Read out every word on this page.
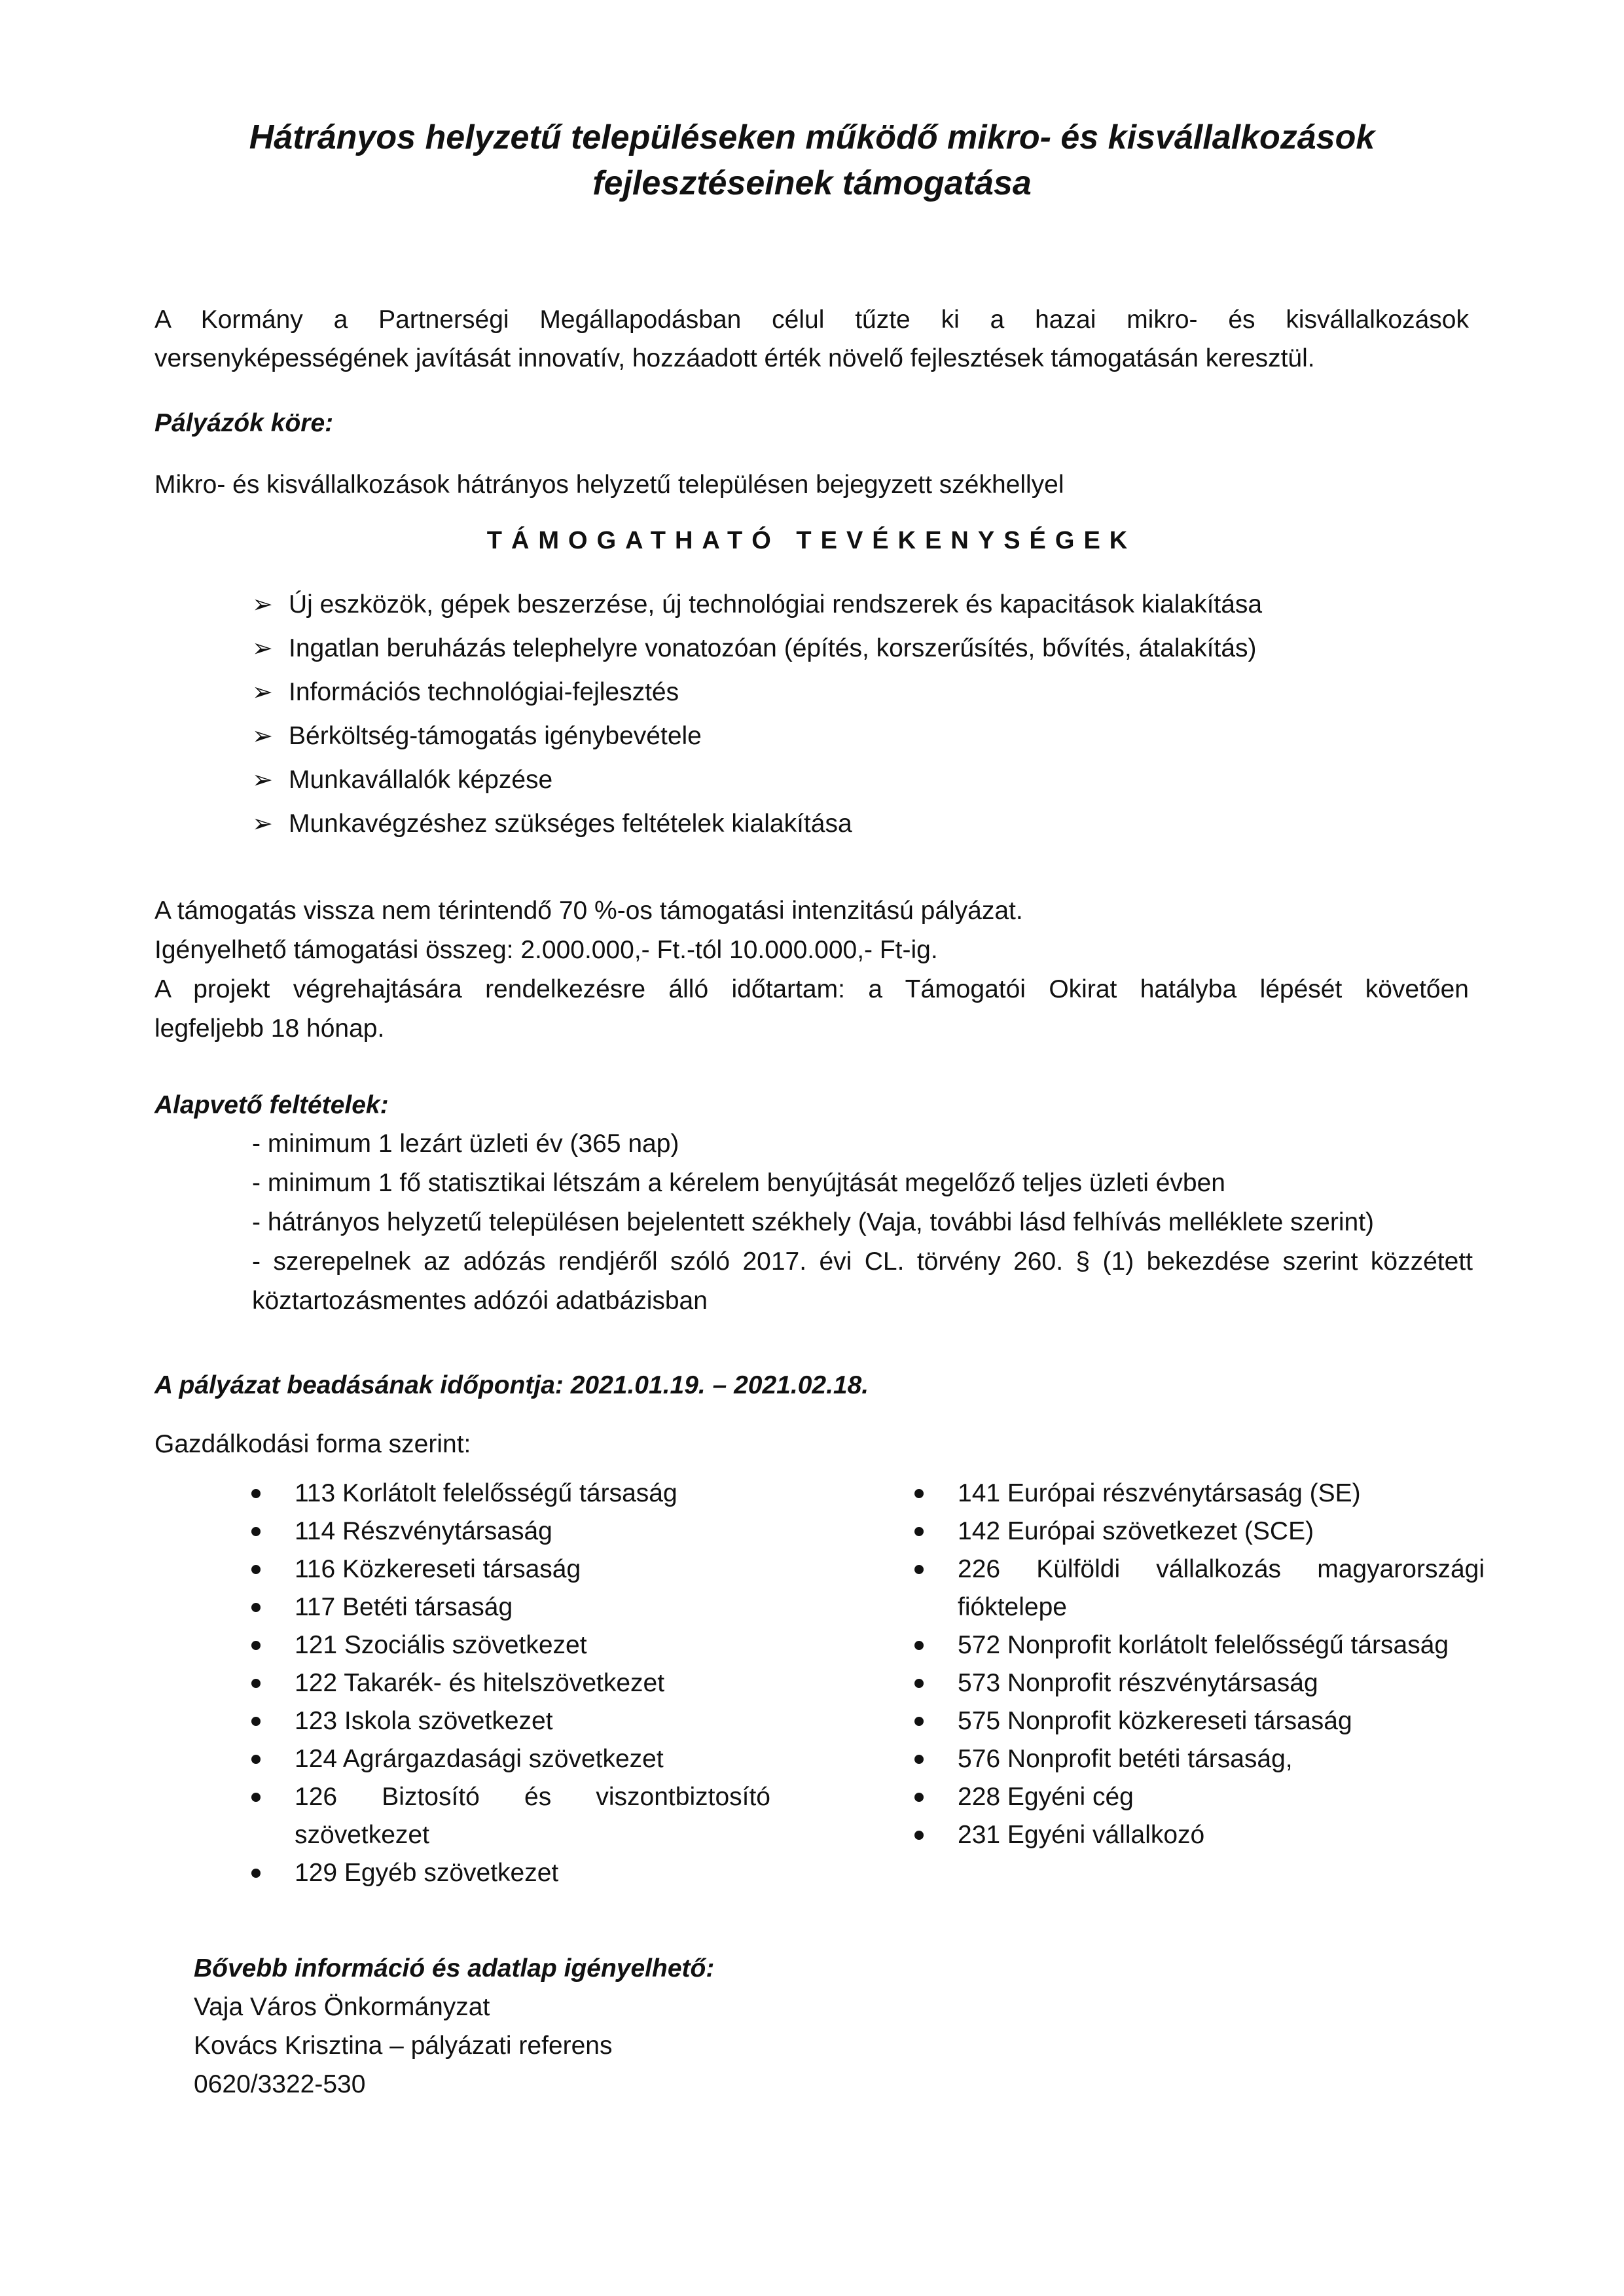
Hátrányos helyzetű településeken működő mikro- és kisvállalkozások
fejlesztéseinek támogatása
A Kormány a Partnerségi Megállapodásban célul tűzte ki a hazai mikro- és kisvállalkozások
versenyképességének javítását innovatív, hozzáadott érték növelő fejlesztések támogatásán keresztül.
Pályázók köre:
Mikro- és kisvállalkozások hátrányos helyzetű településen bejegyzett székhellyel
TÁMOGATHATÓ TEVÉKENYSÉGEK
➢ Új eszközök, gépek beszerzése, új technológiai rendszerek és kapacitások kialakítása
➢ Ingatlan beruházás telephelyre vonatozóan (építés, korszerűsítés, bővítés, átalakítás)
➢ Információs technológiai-fejlesztés
➢ Bérköltség-támogatás igénybevétele
➢ Munkavállalók képzése
➢ Munkavégzéshez szükséges feltételek kialakítása
A támogatás vissza nem térintendő 70 %-os támogatási intenzitású pályázat.
Igényelhető támogatási összeg: 2.000.000,- Ft.-tól 10.000.000,- Ft-ig.
A projekt végrehajtására rendelkezésre álló időtartam: a Támogatói Okirat hatályba lépését követően
legfeljebb 18 hónap.
Alapvető feltételek:
- minimum 1 lezárt üzleti év (365 nap)
- minimum 1 fő statisztikai létszám a kérelem benyújtását megelőző teljes üzleti évben
- hátrányos helyzetű településen bejelentett székhely (Vaja, további lásd felhívás melléklete szerint)
- szerepelnek az adózás rendjéről szóló 2017. évi CL. törvény 260. § (1) bekezdése szerint közzétett köztartozásmentes adózói adatbázisban
A pályázat beadásának időpontja: 2021.01.19. – 2021.02.18.
Gazdálkodási forma szerint:
113 Korlátolt felelősségű társaság
114 Részvénytársaság
116 Közkereseti társaság
117 Betéti társaság
121 Szociális szövetkezet
122 Takarék- és hitelszövetkezet
123 Iskola szövetkezet
124 Agrárgazdasági szövetkezet
126 Biztosító és viszontbiztosító szövetkezet
129 Egyéb szövetkezet
141 Európai részvénytársaság (SE)
142 Európai szövetkezet (SCE)
226 Külföldi vállalkozás magyarországi fióktelepe
572 Nonprofit korlátolt felelősségű társaság
573 Nonprofit részvénytársaság
575 Nonprofit közkereseti társaság
576 Nonprofit betéti társaság,
228 Egyéni cég
231 Egyéni vállalkozó
Bővebb információ és adatlap igényelhető:
Vaja Város Önkormányzat
Kovács Krisztina – pályázati referens
0620/3322-530
